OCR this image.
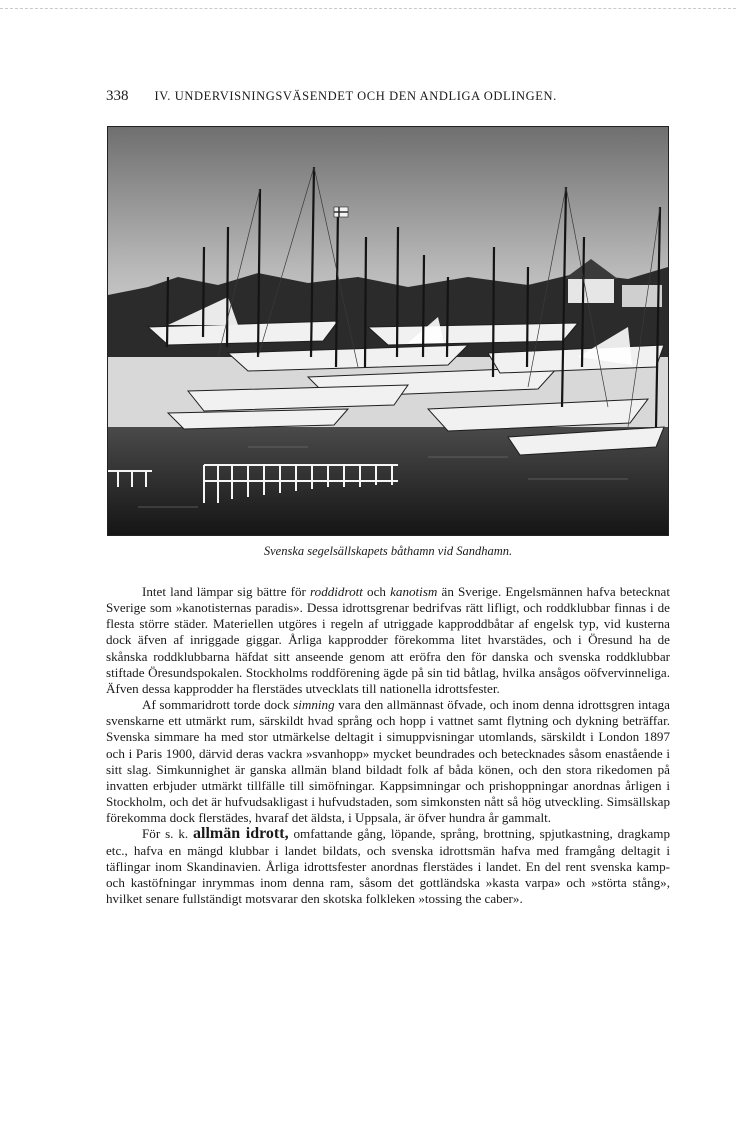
338 IV. UNDERVISNINGSVÄSENDET OCH DEN ANDLIGA ODLINGEN.
Svenska segelsällskapets båthamn vid Sandhamn.

Intet land lämpar sig bättre för roddidrott och kanotism än Sverige. Engelsmännen hafva betecknat Sverige som »kanotisternas paradis». Dessa idrottsgrenar bedrifvas rätt lifligt, och roddklubbar finnas i de flesta större städer. Materiellen utgöres i regeln af utriggade kapproddbåtar af engelsk typ, vid kusterna dock äfven af inriggade giggar. Årliga kapprodder förekomma litet hvarstädes, och i Öresund ha de skånska roddklubbarna häfdat sitt anseende genom att eröfra den för danska och svenska roddklubbar stiftade Öresundspokalen. Stockholms roddförening ägde på sin tid båtlag, hvilka ansågos oöfvervinneliga. Äfven dessa kapprodder ha flerstädes utvecklats till nationella idrottsfester.

Af sommaridrott torde dock simning vara den allmännast öfvade, och inom denna idrottsgren intaga svenskarne ett utmärkt rum, särskildt hvad språng och hopp i vattnet samt flytning och dykning beträffar. Svenska simmare ha med stor utmärkelse deltagit i simuppvisningar utomlands, särskildt i London 1897 och i Paris 1900, därvid deras vackra »svanhopp» mycket beundrades och betecknades såsom enastående i sitt slag. Simkunnighet är ganska allmän bland bildadt folk af båda könen, och den stora rikedomen på invatten erbjuder utmärkt tillfälle till simöfningar. Kappsimningar och prishoppningar anordnas årligen i Stockholm, och det är hufvudsakligast i hufvudstaden, som simkonsten nått så hög utveckling. Simsällskap förekomma dock flerstädes, hvaraf det äldsta, i Uppsala, är öfver hundra år gammalt.

För s. k. allmän idrott, omfattande gång, löpande, språng, brottning, spjutkastning, dragkamp etc., hafva en mängd klubbar i landet bildats, och svenska idrottsmän hafva med framgång deltagit i täflingar inom Skandinavien. Årliga idrottsfester anordnas flerstädes i landet. En del rent svenska kamp- och kastöfningar inrymmas inom denna ram, såsom det gottländska »kasta varpa» och »störta stång», hvilket senare fullständigt motsvarar den skotska folkleken »tossing the caber».
